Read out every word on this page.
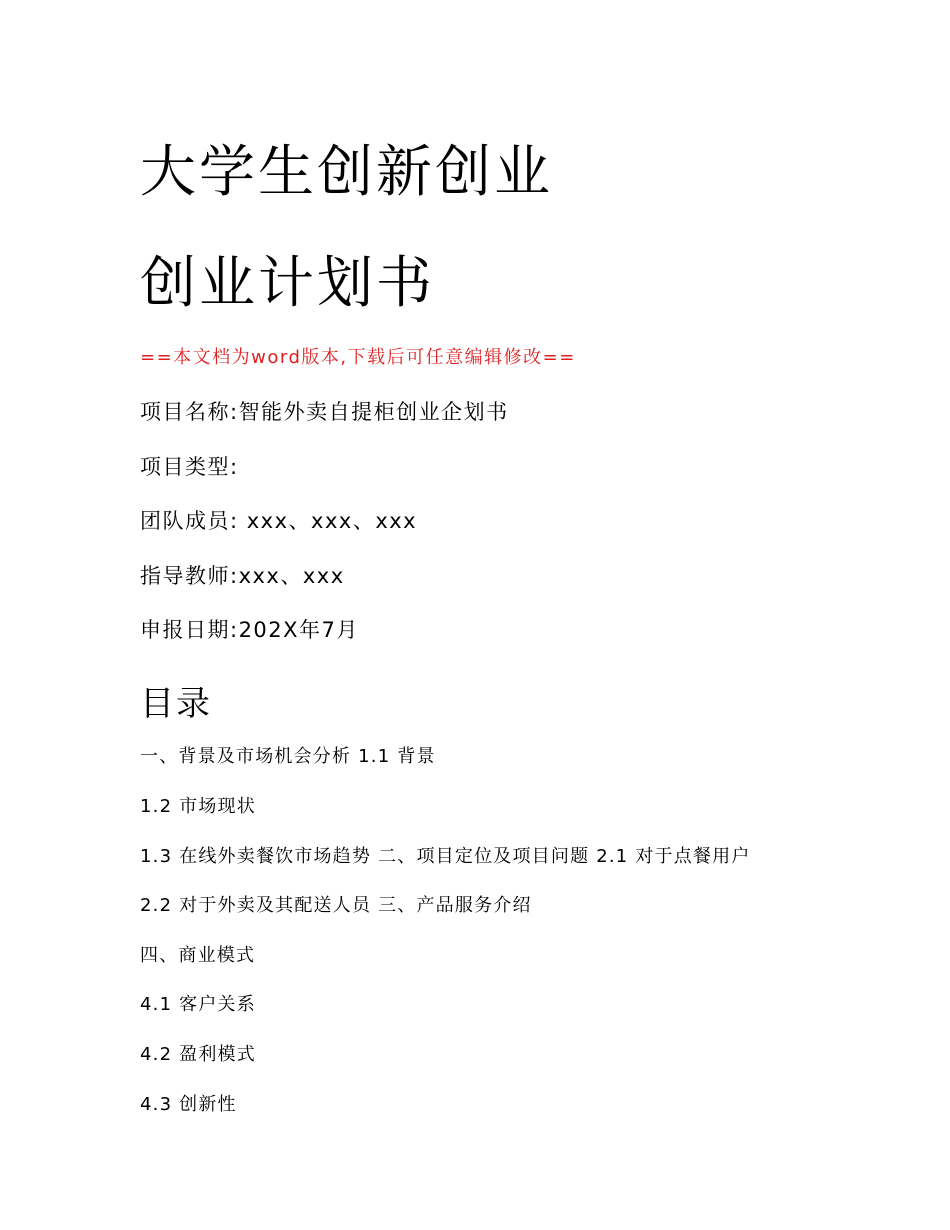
大学生创新创业
创业计划书
==本文档为word版本,下载后可任意编辑修改==
项目名称:智能外卖自提柜创业企划书
项目类型:
团队成员: xxx、xxx、xxx
指导教师:xxx、xxx
申报日期:202X年7月
目录
一、背景及市场机会分析 1.1 背景
1.2 市场现状
1.3 在线外卖餐饮市场趋势 二、项目定位及项目问题 2.1 对于点餐用户
2.2 对于外卖及其配送人员 三、产品服务介绍
四、商业模式
4.1 客户关系
4.2 盈利模式
4.3 创新性
